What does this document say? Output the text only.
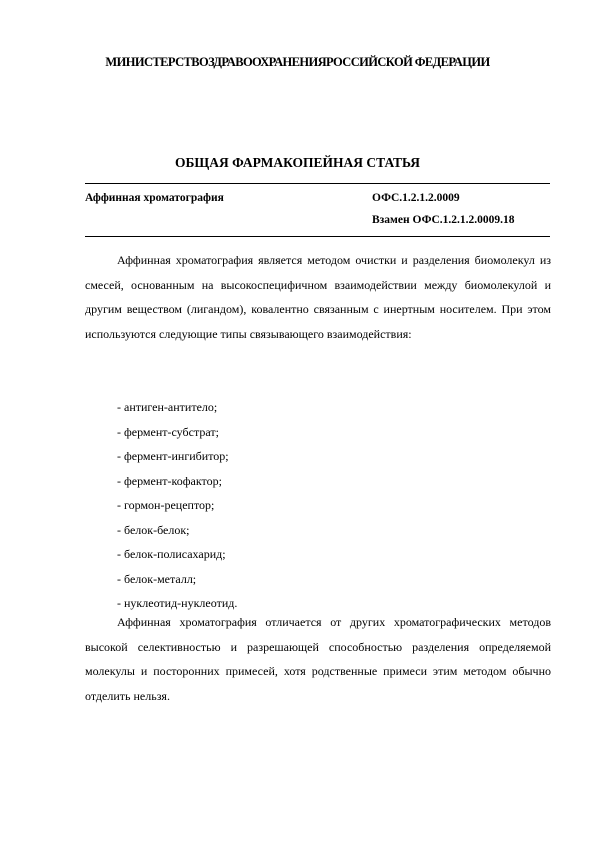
МИНИСТЕРСТВОЗДРАВООХРАНЕНИЯРОССИЙСКОЙ ФЕДЕРАЦИИ
ОБЩАЯ ФАРМАКОПЕЙНАЯ СТАТЬЯ
Аффинная хроматография	ОФС.1.2.1.2.0009
Взамен ОФС.1.2.1.2.0009.18

Аффинная хроматография является методом очистки и разделения биомолекул из смесей, основанным на высокоспецифичном взаимодействии между биомолекулой и другим веществом (лигандом), ковалентно связанным с инертным носителем. При этом используются следующие типы связывающего взаимодействия:

- антиген-антитело;
- фермент-субстрат;
- фермент-ингибитор;
- фермент-кофактор;
- гормон-рецептор;
- белок-белок;
- белок-полисахарид;
- белок-металл;
- нуклеотид-нуклеотид.

Аффинная хроматография отличается от других хроматографических методов высокой селективностью и разрешающей способностью разделения определяемой молекулы и посторонних примесей, хотя родственные примеси этим методом обычно отделить нельзя.
